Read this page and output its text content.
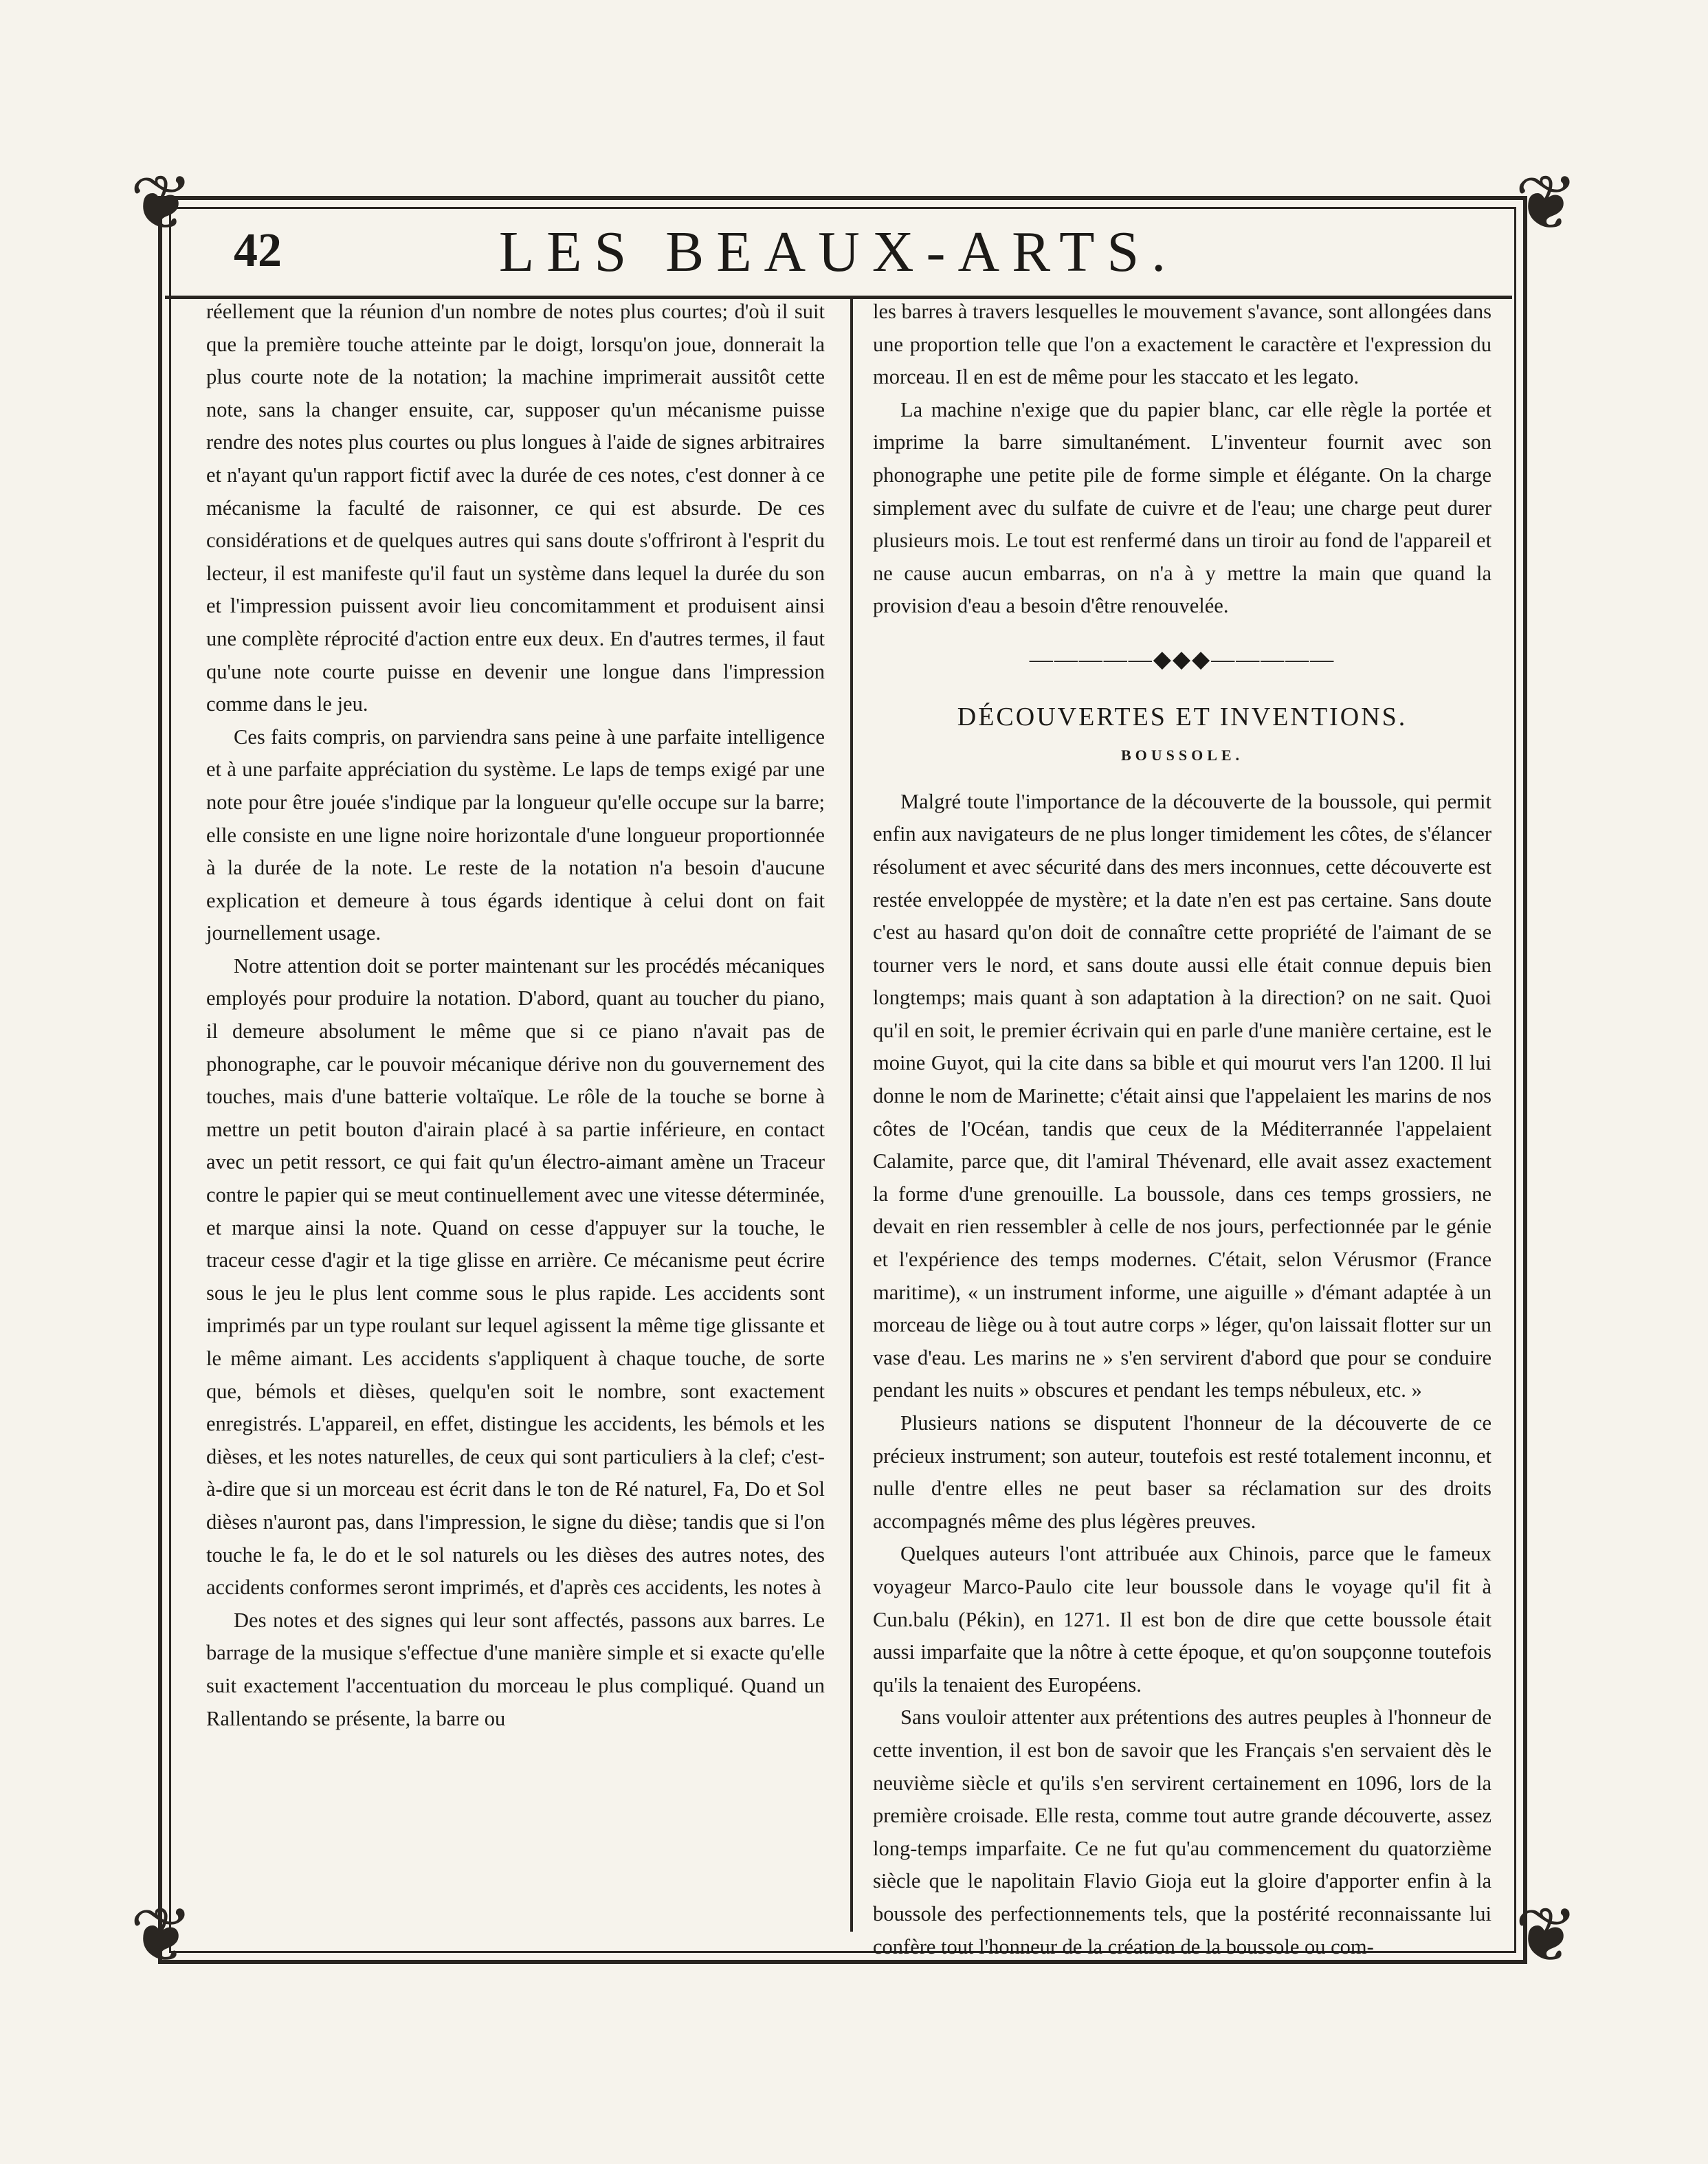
❦	❦
❦	❦
42	LES BEAUX-ARTS.

réellement que la réunion d'un nombre de notes plus courtes; d'où il suit que la première touche atteinte par le doigt, lorsqu'on joue, donnerait la plus courte note de la notation; la machine imprimerait aussitôt cette note, sans la changer ensuite, car, supposer qu'un mécanisme puisse rendre des notes plus courtes ou plus longues à l'aide de signes arbitraires et n'ayant qu'un rapport fictif avec la durée de ces notes, c'est donner à ce mécanisme la faculté de raisonner, ce qui est absurde. De ces considérations et de quelques autres qui sans doute s'offriront à l'esprit du lecteur, il est manifeste qu'il faut un système dans lequel la durée du son et l'impression puissent avoir lieu concomitamment et produisent ainsi une complète réprocité d'action entre eux deux. En d'autres termes, il faut qu'une note courte puisse en devenir une longue dans l'impression comme dans le jeu.

Ces faits compris, on parviendra sans peine à une parfaite intelligence et à une parfaite appréciation du système. Le laps de temps exigé par une note pour être jouée s'indique par la longueur qu'elle occupe sur la barre; elle consiste en une ligne noire horizontale d'une longueur proportionnée à la durée de la note. Le reste de la notation n'a besoin d'aucune explication et demeure à tous égards identique à celui dont on fait journellement usage.

Notre attention doit se porter maintenant sur les procédés mécaniques employés pour produire la notation. D'abord, quant au toucher du piano, il demeure absolument le même que si ce piano n'avait pas de phonographe, car le pouvoir mécanique dérive non du gouvernement des touches, mais d'une batterie voltaïque. Le rôle de la touche se borne à mettre un petit bouton d'airain placé à sa partie inférieure, en contact avec un petit ressort, ce qui fait qu'un électro-aimant amène un Traceur contre le papier qui se meut continuellement avec une vitesse déterminée, et marque ainsi la note. Quand on cesse d'appuyer sur la touche, le traceur cesse d'agir et la tige glisse en arrière. Ce mécanisme peut écrire sous le jeu le plus lent comme sous le plus rapide. Les accidents sont imprimés par un type roulant sur lequel agissent la même tige glissante et le même aimant. Les accidents s'appliquent à chaque touche, de sorte que, bémols et dièses, quelqu'en soit le nombre, sont exactement enregistrés. L'appareil, en effet, distingue les accidents, les bémols et les dièses, et les notes naturelles, de ceux qui sont particuliers à la clef; c'est-à-dire que si un morceau est écrit dans le ton de Ré naturel, Fa, Do et Sol dièses n'auront pas, dans l'impression, le signe du dièse; tandis que si l'on touche le fa, le do et le sol naturels ou les dièses des autres notes, des accidents conformes seront imprimés, et d'après ces accidents, les notes à

Des notes et des signes qui leur sont affectés, passons aux barres. Le barrage de la musique s'effectue d'une manière simple et si exacte qu'elle suit exactement l'accentuation du morceau le plus compliqué. Quand un Rallentando se présente, la barre ou

les barres à travers lesquelles le mouvement s'avance, sont allongées dans une proportion telle que l'on a exactement le caractère et l'expression du morceau. Il en est de même pour les staccato et les legato.

La machine n'exige que du papier blanc, car elle règle la portée et imprime la barre simultanément. L'inventeur fournit avec son phonographe une petite pile de forme simple et élégante. On la charge simplement avec du sulfate de cuivre et de l'eau; une charge peut durer plusieurs mois. Le tout est renfermé dans un tiroir au fond de l'appareil et ne cause aucun embarras, on n'a à y mettre la main que quand la provision d'eau a besoin d'être renouvelée.

—————◆◆◆—————
DÉCOUVERTES ET INVENTIONS.
BOUSSOLE.

Malgré toute l'importance de la découverte de la boussole, qui permit enfin aux navigateurs de ne plus longer timidement les côtes, de s'élancer résolument et avec sécurité dans des mers inconnues, cette découverte est restée enveloppée de mystère; et la date n'en est pas certaine. Sans doute c'est au hasard qu'on doit de connaître cette propriété de l'aimant de se tourner vers le nord, et sans doute aussi elle était connue depuis bien longtemps; mais quant à son adaptation à la direction? on ne sait. Quoi qu'il en soit, le premier écrivain qui en parle d'une manière certaine, est le moine Guyot, qui la cite dans sa bible et qui mourut vers l'an 1200. Il lui donne le nom de Marinette; c'était ainsi que l'appelaient les marins de nos côtes de l'Océan, tandis que ceux de la Méditerrannée l'appelaient Calamite, parce que, dit l'amiral Thévenard, elle avait assez exactement la forme d'une grenouille. La boussole, dans ces temps grossiers, ne devait en rien ressembler à celle de nos jours, perfectionnée par le génie et l'expérience des temps modernes. C'était, selon Vérusmor (France maritime), « un instrument informe, une aiguille » d'émant adaptée à un morceau de liège ou à tout autre corps » léger, qu'on laissait flotter sur un vase d'eau. Les marins ne » s'en servirent d'abord que pour se conduire pendant les nuits » obscures et pendant les temps nébuleux, etc. »

Plusieurs nations se disputent l'honneur de la découverte de ce précieux instrument; son auteur, toutefois est resté totalement inconnu, et nulle d'entre elles ne peut baser sa réclamation sur des droits accompagnés même des plus légères preuves.

Quelques auteurs l'ont attribuée aux Chinois, parce que le fameux voyageur Marco-Paulo cite leur boussole dans le voyage qu'il fit à Cun.balu (Pékin), en 1271. Il est bon de dire que cette boussole était aussi imparfaite que la nôtre à cette époque, et qu'on soupçonne toutefois qu'ils la tenaient des Européens.

Sans vouloir attenter aux prétentions des autres peuples à l'honneur de cette invention, il est bon de savoir que les Français s'en servaient dès le neuvième siècle et qu'ils s'en servirent certainement en 1096, lors de la première croisade. Elle resta, comme tout autre grande découverte, assez long-temps imparfaite. Ce ne fut qu'au commencement du quatorzième siècle que le napolitain Flavio Gioja eut la gloire d'apporter enfin à la boussole des perfectionnements tels, que la postérité reconnaissante lui confère tout l'honneur de la création de la boussole ou com-
